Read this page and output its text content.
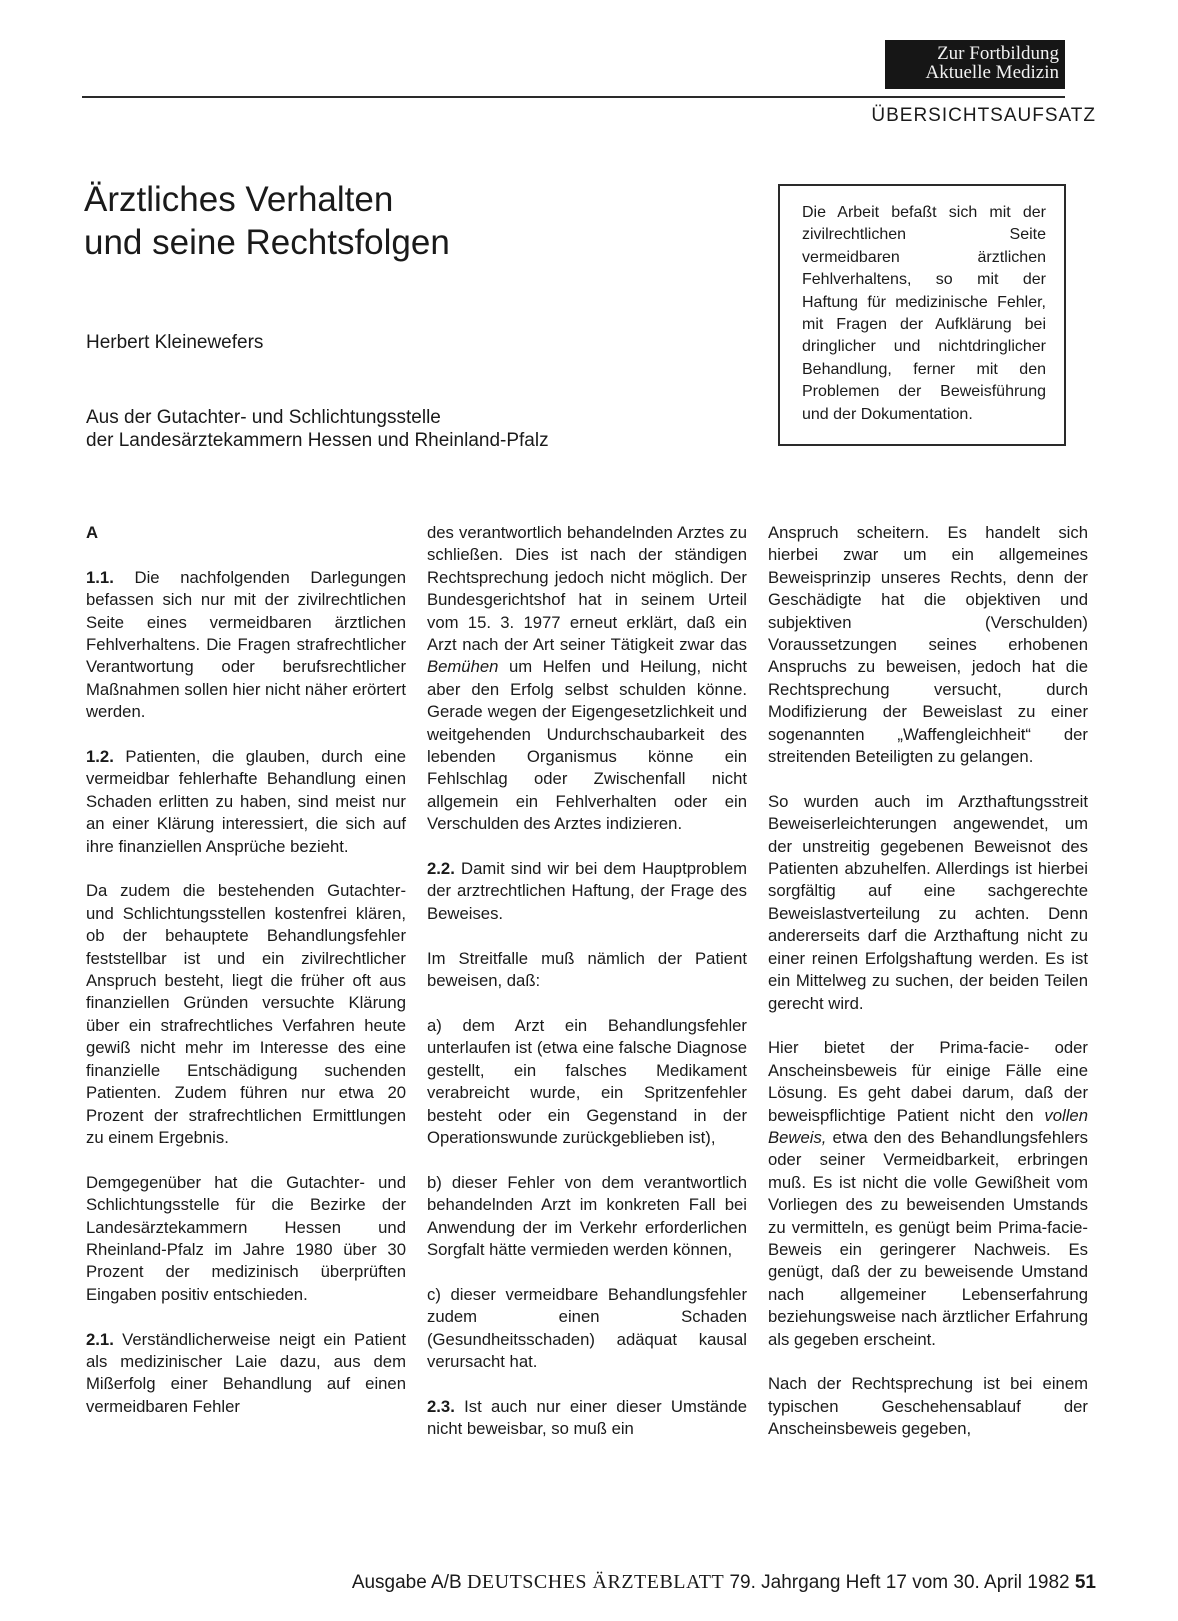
Zur Fortbildung
Aktuelle Medizin
ÜBERSICHTSAUFSATZ
Ärztliches Verhalten
und seine Rechtsfolgen
Herbert Kleinewefers
Aus der Gutachter- und Schlichtungsstelle
der Landesärztekammern Hessen und Rheinland-Pfalz
Die Arbeit befaßt sich mit der zivilrechtlichen Seite vermeidbaren ärztlichen Fehlverhaltens, so mit der Haftung für medizinische Fehler, mit Fragen der Aufklärung bei dringlicher und nichtdringlicher Behandlung, ferner mit den Problemen der Beweisführung und der Dokumentation.

A

1.1. Die nachfolgenden Darlegungen befassen sich nur mit der zivilrechtlichen Seite eines vermeidbaren ärztlichen Fehlverhaltens. Die Fragen strafrechtlicher Verantwortung oder berufsrechtlicher Maßnahmen sollen hier nicht näher erörtert werden.

1.2. Patienten, die glauben, durch eine vermeidbar fehlerhafte Behandlung einen Schaden erlitten zu haben, sind meist nur an einer Klärung interessiert, die sich auf ihre finanziellen Ansprüche bezieht.

Da zudem die bestehenden Gutachter- und Schlichtungsstellen kostenfrei klären, ob der behauptete Behandlungsfehler feststellbar ist und ein zivilrechtlicher Anspruch besteht, liegt die früher oft aus finanziellen Gründen versuchte Klärung über ein strafrechtliches Verfahren heute gewiß nicht mehr im Interesse des eine finanzielle Entschädigung suchenden Patienten. Zudem führen nur etwa 20 Prozent der strafrechtlichen Ermittlungen zu einem Ergebnis.

Demgegenüber hat die Gutachter- und Schlichtungsstelle für die Bezirke der Landesärztekammern Hessen und Rheinland-Pfalz im Jahre 1980 über 30 Prozent der medizinisch überprüften Eingaben positiv entschieden.

2.1. Verständlicherweise neigt ein Patient als medizinischer Laie dazu, aus dem Mißerfolg einer Behandlung auf einen vermeidbaren Fehler

des verantwortlich behandelnden Arztes zu schließen. Dies ist nach der ständigen Rechtsprechung jedoch nicht möglich. Der Bundesgerichtshof hat in seinem Urteil vom 15. 3. 1977 erneut erklärt, daß ein Arzt nach der Art seiner Tätigkeit zwar das Bemühen um Helfen und Heilung, nicht aber den Erfolg selbst schulden könne. Gerade wegen der Eigengesetzlichkeit und weitgehenden Undurchschaubarkeit des lebenden Organismus könne ein Fehlschlag oder Zwischenfall nicht allgemein ein Fehlverhalten oder ein Verschulden des Arztes indizieren.

2.2. Damit sind wir bei dem Hauptproblem der arztrechtlichen Haftung, der Frage des Beweises.

Im Streitfalle muß nämlich der Patient beweisen, daß:

a) dem Arzt ein Behandlungsfehler unterlaufen ist (etwa eine falsche Diagnose gestellt, ein falsches Medikament verabreicht wurde, ein Spritzenfehler besteht oder ein Gegenstand in der Operationswunde zurückgeblieben ist),

b) dieser Fehler von dem verantwortlich behandelnden Arzt im konkreten Fall bei Anwendung der im Verkehr erforderlichen Sorgfalt hätte vermieden werden können,

c) dieser vermeidbare Behandlungsfehler zudem einen Schaden (Gesundheitsschaden) adäquat kausal verursacht hat.

2.3. Ist auch nur einer dieser Umstände nicht beweisbar, so muß ein

Anspruch scheitern. Es handelt sich hierbei zwar um ein allgemeines Beweisprinzip unseres Rechts, denn der Geschädigte hat die objektiven und subjektiven (Verschulden) Voraussetzungen seines erhobenen Anspruchs zu beweisen, jedoch hat die Rechtsprechung versucht, durch Modifizierung der Beweislast zu einer sogenannten „Waffengleichheit“ der streitenden Beteiligten zu gelangen.

So wurden auch im Arzthaftungsstreit Beweiserleichterungen angewendet, um der unstreitig gegebenen Beweisnot des Patienten abzuhelfen. Allerdings ist hierbei sorgfältig auf eine sachgerechte Beweislastverteilung zu achten. Denn andererseits darf die Arzthaftung nicht zu einer reinen Erfolgshaftung werden. Es ist ein Mittelweg zu suchen, der beiden Teilen gerecht wird.

Hier bietet der Prima-facie- oder Anscheinsbeweis für einige Fälle eine Lösung. Es geht dabei darum, daß der beweispflichtige Patient nicht den vollen Beweis, etwa den des Behandlungsfehlers oder seiner Vermeidbarkeit, erbringen muß. Es ist nicht die volle Gewißheit vom Vorliegen des zu beweisenden Umstands zu vermitteln, es genügt beim Prima-facie-Beweis ein geringerer Nachweis. Es genügt, daß der zu beweisende Umstand nach allgemeiner Lebenserfahrung beziehungsweise nach ärztlicher Erfahrung als gegeben erscheint.

Nach der Rechtsprechung ist bei einem typischen Geschehensablauf der Anscheinsbeweis gegeben,

Ausgabe A/B DEUTSCHES ÄRZTEBLATT 79. Jahrgang Heft 17 vom 30. April 1982 51
